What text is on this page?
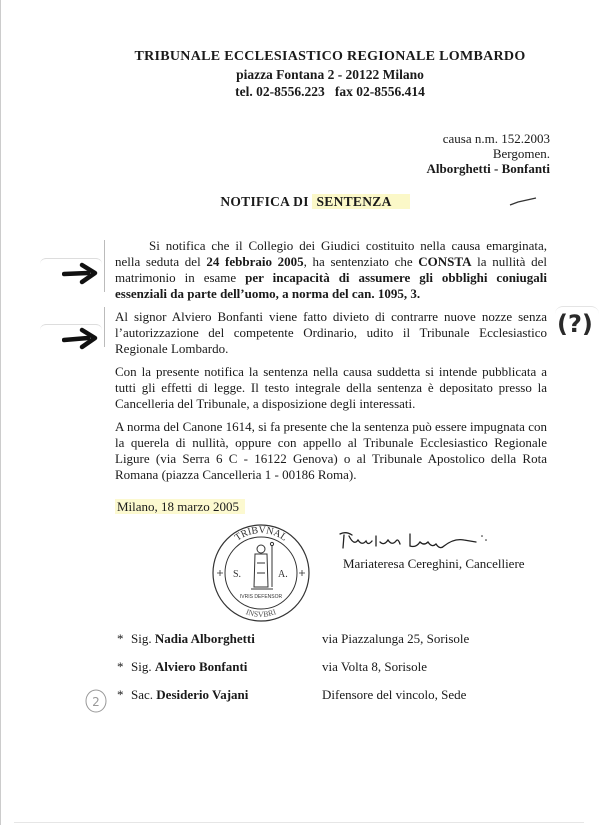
TRIBUNALE ECCLESIASTICO REGIONALE LOMBARDO
piazza Fontana 2 - 20122 Milano
tel. 02-8556.223   fax 02-8556.414
causa n.m. 152.2003
Bergomen.
Alborghetti - Bonfanti
NOTIFICA DI SENTENZA
Si notifica che il Collegio dei Giudici costituito nella causa emarginata, nella seduta del 24 febbraio 2005, ha sentenziato che CONSTA la nullità del matrimonio in esame per incapacità di assumere gli obblighi coniugali essenziali da parte dell’uomo, a norma del can. 1095, 3.
Al signor Alviero Bonfanti viene fatto divieto di contrarre nuove nozze senza l’autorizzazione del competente Ordinario, udito il Tribunale Ecclesiastico Regionale Lombardo.
Con la presente notifica la sentenza nella causa suddetta si intende pubblicata a tutti gli effetti di legge. Il testo integrale della sentenza è depositato presso la Cancelleria del Tribunale, a disposizione degli interessati.
A norma del Canone 1614, si fa presente che la sentenza può essere impugnata con la querela di nullità, oppure con appello al Tribunale Ecclesiastico Regionale Ligure (via Serra 6 C - 16122 Genova) o al Tribunale Apostolico della Rota Romana (piazza Cancelleria 1 - 00186 Roma).
(?)
Milano, 18 marzo 2005
TRIBVNAL
INSVBRI
S.	A.
IVRIS DEFENSOR
Mariateresa Cereghini, Cancelliere
* Sig. Nadia Alborghetti	via Piazzalunga 25, Sorisole
* Sig. Alviero Bonfanti	via Volta 8, Sorisole
* Sac. Desiderio Vajani	Difensore del vincolo, Sede
2
